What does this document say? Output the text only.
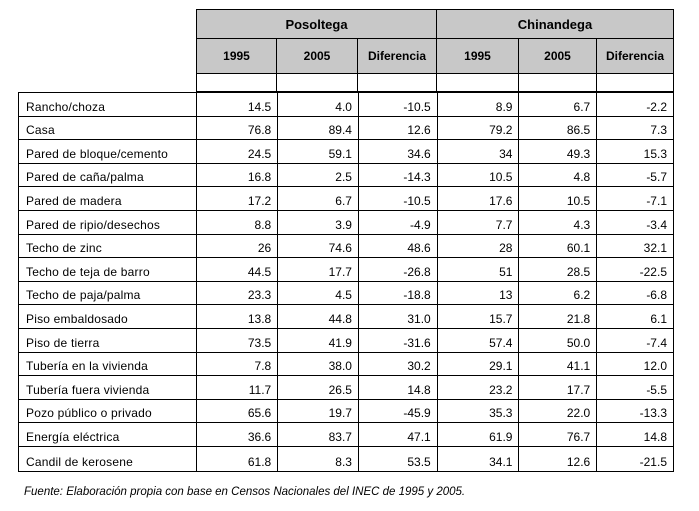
Posoltega	Chinandega
1995	2005	Diferencia	1995	2005	Diferencia
Rancho/choza	14.5	4.0	-10.5	8.9	6.7	-2.2
Casa	76.8	89.4	12.6	79.2	86.5	7.3
Pared de bloque/cemento	24.5	59.1	34.6	34	49.3	15.3
Pared de caña/palma	16.8	2.5	-14.3	10.5	4.8	-5.7
Pared de madera	17.2	6.7	-10.5	17.6	10.5	-7.1
Pared de ripio/desechos	8.8	3.9	-4.9	7.7	4.3	-3.4
Techo de zinc	26	74.6	48.6	28	60.1	32.1
Techo de teja de barro	44.5	17.7	-26.8	51	28.5	-22.5
Techo de paja/palma	23.3	4.5	-18.8	13	6.2	-6.8
Piso embaldosado	13.8	44.8	31.0	15.7	21.8	6.1
Piso de tierra	73.5	41.9	-31.6	57.4	50.0	-7.4
Tubería en la vivienda	7.8	38.0	30.2	29.1	41.1	12.0
Tubería fuera vivienda	11.7	26.5	14.8	23.2	17.7	-5.5
Pozo público o privado	65.6	19.7	-45.9	35.3	22.0	-13.3
Energía eléctrica	36.6	83.7	47.1	61.9	76.7	14.8
Candil de kerosene	61.8	8.3	53.5	34.1	12.6	-21.5
Fuente: Elaboración propia con base en Censos Nacionales del INEC de 1995 y 2005.
